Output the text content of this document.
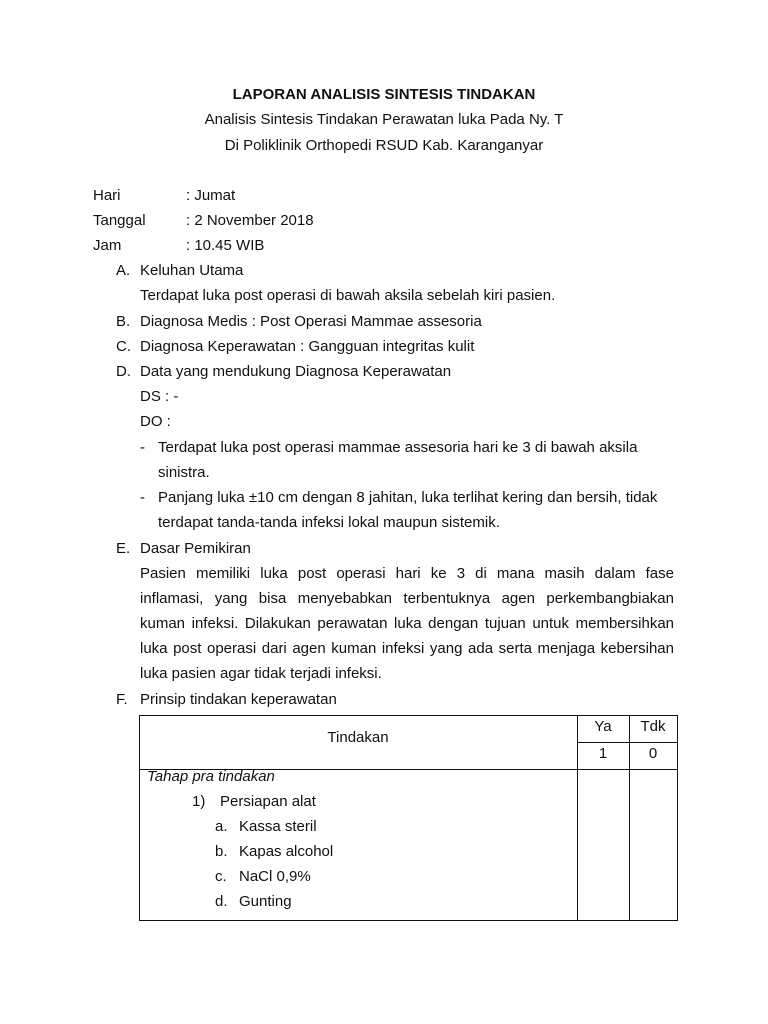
LAPORAN ANALISIS SINTESIS TINDAKAN
Analisis Sintesis Tindakan Perawatan luka Pada Ny. T
Di Poliklinik Orthopedi RSUD Kab. Karanganyar
Hari	: Jumat
Tanggal	: 2 November 2018
Jam	: 10.45 WIB
A. Keluhan Utama
Terdapat luka post operasi di bawah aksila sebelah kiri pasien.
B. Diagnosa Medis : Post Operasi Mammae assesoria
C. Diagnosa Keperawatan : Gangguan integritas kulit
D. Data yang mendukung Diagnosa Keperawatan
DS : -
DO :
- Terdapat luka post operasi mammae assesoria hari ke 3 di bawah aksila
sinistra.
- Panjang luka ±10 cm dengan 8 jahitan, luka terlihat kering dan bersih, tidak
terdapat tanda-tanda infeksi lokal maupun sistemik.
E. Dasar Pemikiran
Pasien memiliki luka post operasi hari ke 3 di mana masih dalam fase
inflamasi, yang bisa menyebabkan terbentuknya agen perkembangbiakan
kuman infeksi. Dilakukan perawatan luka dengan tujuan untuk membersihkan
luka post operasi dari agen kuman infeksi yang ada serta menjaga kebersihan
luka pasien agar tidak terjadi infeksi.
F. Prinsip tindakan keperawatan
Tindakan
Ya	Tdk
1	0
Tahap pra tindakan
1) Persiapan alat
a. Kassa steril
b. Kapas alcohol
c. NaCl 0,9%
d. Gunting
